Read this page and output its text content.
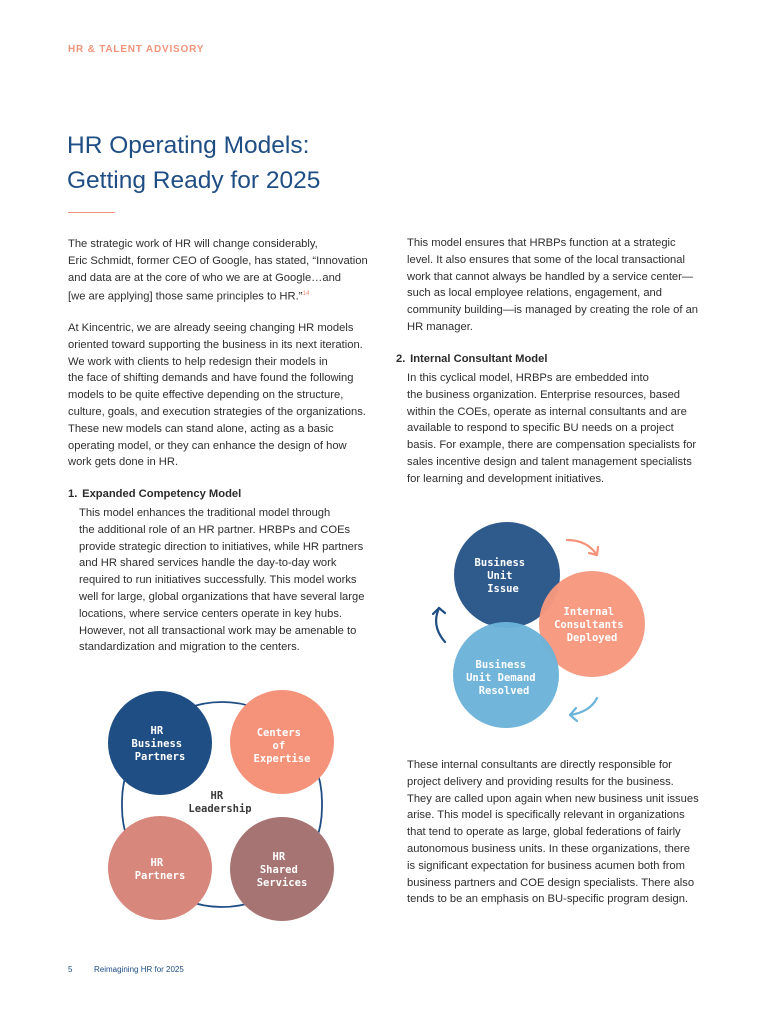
HR & TALENT ADVISORY
HR Operating Models:
Getting Ready for 2025

The strategic work of HR will change considerably,
Eric Schmidt, former CEO of Google, has stated, “Innovation
and data are at the core of who we are at Google…and
[we are applying] those same principles to HR.”$^{14}$

At Kincentric, we are already seeing changing HR models
oriented toward supporting the business in its next iteration.
We work with clients to help redesign their models in
the face of shifting demands and have found the following
models to be quite effective depending on the structure,
culture, goals, and execution strategies of the organizations.
These new models can stand alone, acting as a basic
operating model, or they can enhance the design of how
work gets done in HR.

1. Expanded Competency Model

This model enhances the traditional model through
the additional role of an HR partner. HRBPs and COEs
provide strategic direction to initiatives, while HR partners
and HR shared services handle the day-to-day work
required to run initiatives successfully. This model works
well for large, global organizations that have several large
locations, where service centers operate in key hubs.
However, not all transactional work may be amenable to
standardization and migration to the centers.

HR Business Partners
Centers of Expertise
HR Partners
HR Shared Services
HR Leadership

This model ensures that HRBPs function at a strategic
level. It also ensures that some of the local transactional
work that cannot always be handled by a service center—
such as local employee relations, engagement, and
community building—is managed by creating the role of an
HR manager.

2. Internal Consultant Model

In this cyclical model, HRBPs are embedded into
the business organization. Enterprise resources, based
within the COEs, operate as internal consultants and are
available to respond to specific BU needs on a project
basis. For example, there are compensation specialists for
sales incentive design and talent management specialists
for learning and development initiatives.

Business Unit Issue
Internal Consultants Deployed
Business Unit Demand Resolved

These internal consultants are directly responsible for
project delivery and providing results for the business.
They are called upon again when new business unit issues
arise. This model is specifically relevant in organizations
that tend to operate as large, global federations of fairly
autonomous business units. In these organizations, there
is significant expectation for business acumen both from
business partners and COE design specialists. There also
tends to be an emphasis on BU-specific program design.

5	Reimagining HR for 2025
